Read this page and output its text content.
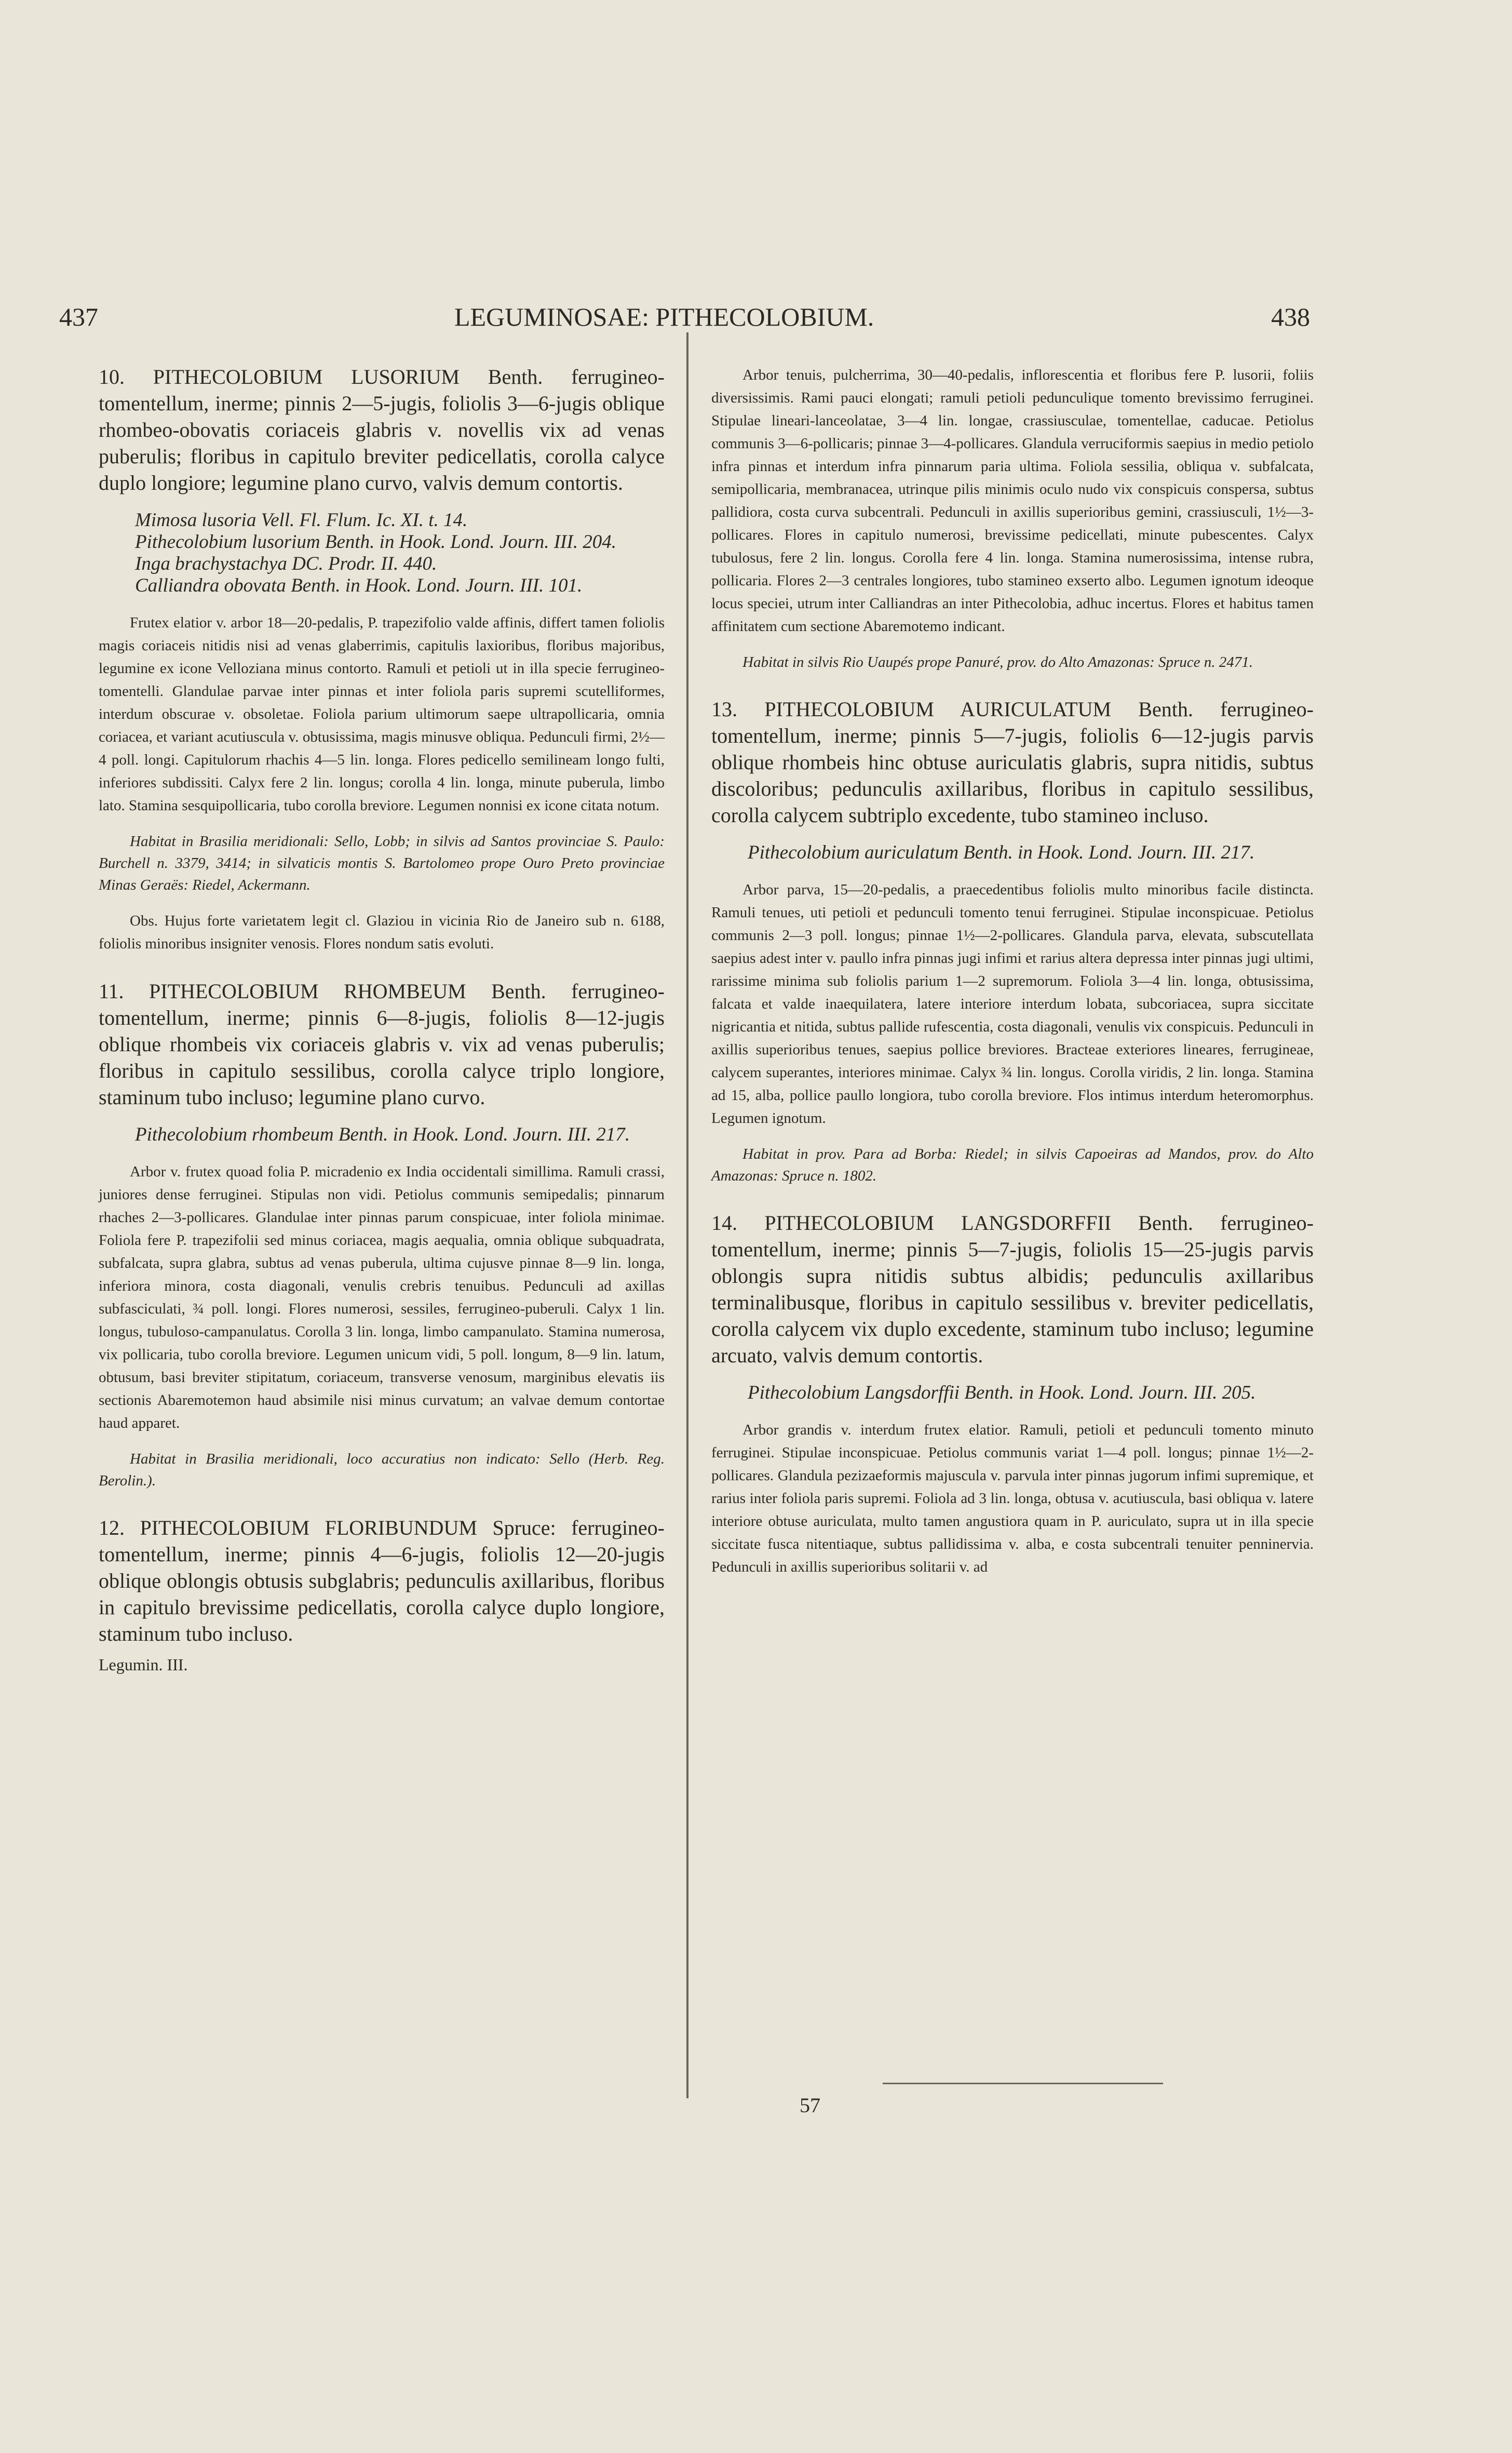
437	LEGUMINOSAE: PITHECOLOBIUM.	438

10. PITHECOLOBIUM LUSORIUM Benth. ferrugineo-tomentellum, inerme; pinnis 2—5-jugis, foliolis 3—6-jugis oblique rhombeo-obovatis coriaceis glabris v. novellis vix ad venas puberulis; floribus in capitulo breviter pedicellatis, corolla calyce duplo longiore; legumine plano curvo, valvis demum contortis.

Mimosa lusoria Vell. Fl. Flum. Ic. XI. t. 14.

Pithecolobium lusorium Benth. in Hook. Lond. Journ. III. 204.

Inga brachystachya DC. Prodr. II. 440.

Calliandra obovata Benth. in Hook. Lond. Journ. III. 101.

Frutex elatior v. arbor 18—20-pedalis, P. trapezifolio valde affinis, differt tamen foliolis magis coriaceis nitidis nisi ad venas glaberrimis, capitulis laxioribus, floribus majoribus, legumine ex icone Velloziana minus contorto. Ramuli et petioli ut in illa specie ferrugineo-tomentelli. Glandulae parvae inter pinnas et inter foliola paris supremi scutelliformes, interdum obscurae v. obsoletae. Foliola parium ultimorum saepe ultrapollicaria, omnia coriacea, et variant acutiuscula v. obtusissima, magis minusve obliqua. Pedunculi firmi, 2½—4 poll. longi. Capitulorum rhachis 4—5 lin. longa. Flores pedicello semilineam longo fulti, inferiores subdissiti. Calyx fere 2 lin. longus; corolla 4 lin. longa, minute puberula, limbo lato. Stamina sesquipollicaria, tubo corolla breviore. Legumen nonnisi ex icone citata notum.

Habitat in Brasilia meridionali: Sello, Lobb; in silvis ad Santos provinciae S. Paulo: Burchell n. 3379, 3414; in silvaticis montis S. Bartolomeo prope Ouro Preto provinciae Minas Geraës: Riedel, Ackermann.

Obs. Hujus forte varietatem legit cl. Glaziou in vicinia Rio de Janeiro sub n. 6188, foliolis minoribus insigniter venosis. Flores nondum satis evoluti.

11. PITHECOLOBIUM RHOMBEUM Benth. ferrugineo-tomentellum, inerme; pinnis 6—8-jugis, foliolis 8—12-jugis oblique rhombeis vix coriaceis glabris v. vix ad venas puberulis; floribus in capitulo sessilibus, corolla calyce triplo longiore, staminum tubo incluso; legumine plano curvo.

Pithecolobium rhombeum Benth. in Hook. Lond. Journ. III. 217.

Arbor v. frutex quoad folia P. micradenio ex India occidentali simillima. Ramuli crassi, juniores dense ferruginei. Stipulas non vidi. Petiolus communis semipedalis; pinnarum rhaches 2—3-pollicares. Glandulae inter pinnas parum conspicuae, inter foliola minimae. Foliola fere P. trapezifolii sed minus coriacea, magis aequalia, omnia oblique subquadrata, subfalcata, supra glabra, subtus ad venas puberula, ultima cujusve pinnae 8—9 lin. longa, inferiora minora, costa diagonali, venulis crebris tenuibus. Pedunculi ad axillas subfasciculati, ¾ poll. longi. Flores numerosi, sessiles, ferrugineo-puberuli. Calyx 1 lin. longus, tubuloso-campanulatus. Corolla 3 lin. longa, limbo campanulato. Stamina numerosa, vix pollicaria, tubo corolla breviore. Legumen unicum vidi, 5 poll. longum, 8—9 lin. latum, obtusum, basi breviter stipitatum, coriaceum, transverse venosum, marginibus elevatis iis sectionis Abaremotemon haud absimile nisi minus curvatum; an valvae demum contortae haud apparet.

Habitat in Brasilia meridionali, loco accuratius non indicato: Sello (Herb. Reg. Berolin.).

12. PITHECOLOBIUM FLORIBUNDUM Spruce: ferrugineo-tomentellum, inerme; pinnis 4—6-jugis, foliolis 12—20-jugis oblique oblongis obtusis subglabris; pedunculis axillaribus, floribus in capitulo brevissime pedicellatis, corolla calyce duplo longiore, staminum tubo incluso.

Legumin. III.

Arbor tenuis, pulcherrima, 30—40-pedalis, inflorescentia et floribus fere P. lusorii, foliis diversissimis. Rami pauci elongati; ramuli petioli pedunculique tomento brevissimo ferruginei. Stipulae lineari-lanceolatae, 3—4 lin. longae, crassiusculae, tomentellae, caducae. Petiolus communis 3—6-pollicaris; pinnae 3—4-pollicares. Glandula verruciformis saepius in medio petiolo infra pinnas et interdum infra pinnarum paria ultima. Foliola sessilia, obliqua v. subfalcata, semipollicaria, membranacea, utrinque pilis minimis oculo nudo vix conspicuis conspersa, subtus pallidiora, costa curva subcentrali. Pedunculi in axillis superioribus gemini, crassiusculi, 1½—3-pollicares. Flores in capitulo numerosi, brevissime pedicellati, minute pubescentes. Calyx tubulosus, fere 2 lin. longus. Corolla fere 4 lin. longa. Stamina numerosissima, intense rubra, pollicaria. Flores 2—3 centrales longiores, tubo stamineo exserto albo. Legumen ignotum ideoque locus speciei, utrum inter Calliandras an inter Pithecolobia, adhuc incertus. Flores et habitus tamen affinitatem cum sectione Abaremotemo indicant.

Habitat in silvis Rio Uaupés prope Panuré, prov. do Alto Amazonas: Spruce n. 2471.

13. PITHECOLOBIUM AURICULATUM Benth. ferrugineo-tomentellum, inerme; pinnis 5—7-jugis, foliolis 6—12-jugis parvis oblique rhombeis hinc obtuse auriculatis glabris, supra nitidis, subtus discoloribus; pedunculis axillaribus, floribus in capitulo sessilibus, corolla calycem subtriplo excedente, tubo stamineo incluso.

Pithecolobium auriculatum Benth. in Hook. Lond. Journ. III. 217.

Arbor parva, 15—20-pedalis, a praecedentibus foliolis multo minoribus facile distincta. Ramuli tenues, uti petioli et pedunculi tomento tenui ferruginei. Stipulae inconspicuae. Petiolus communis 2—3 poll. longus; pinnae 1½—2-pollicares. Glandula parva, elevata, subscutellata saepius adest inter v. paullo infra pinnas jugi infimi et rarius altera depressa inter pinnas jugi ultimi, rarissime minima sub foliolis parium 1—2 supremorum. Foliola 3—4 lin. longa, obtusissima, falcata et valde inaequilatera, latere interiore interdum lobata, subcoriacea, supra siccitate nigricantia et nitida, subtus pallide rufescentia, costa diagonali, venulis vix conspicuis. Pedunculi in axillis superioribus tenues, saepius pollice breviores. Bracteae exteriores lineares, ferrugineae, calycem superantes, interiores minimae. Calyx ¾ lin. longus. Corolla viridis, 2 lin. longa. Stamina ad 15, alba, pollice paullo longiora, tubo corolla breviore. Flos intimus interdum heteromorphus. Legumen ignotum.

Habitat in prov. Para ad Borba: Riedel; in silvis Capoeiras ad Mandos, prov. do Alto Amazonas: Spruce n. 1802.

14. PITHECOLOBIUM LANGSDORFFII Benth. ferrugineo-tomentellum, inerme; pinnis 5—7-jugis, foliolis 15—25-jugis parvis oblongis supra nitidis subtus albidis; pedunculis axillaribus terminalibusque, floribus in capitulo sessilibus v. breviter pedicellatis, corolla calycem vix duplo excedente, staminum tubo incluso; legumine arcuato, valvis demum contortis.

Pithecolobium Langsdorffii Benth. in Hook. Lond. Journ. III. 205.

Arbor grandis v. interdum frutex elatior. Ramuli, petioli et pedunculi tomento minuto ferruginei. Stipulae inconspicuae. Petiolus communis variat 1—4 poll. longus; pinnae 1½—2-pollicares. Glandula pezizaeformis majuscula v. parvula inter pinnas jugorum infimi supremique, et rarius inter foliola paris supremi. Foliola ad 3 lin. longa, obtusa v. acutiuscula, basi obliqua v. latere interiore obtuse auriculata, multo tamen angustiora quam in P. auriculato, supra ut in illa specie siccitate fusca nitentiaque, subtus pallidissima v. alba, e costa subcentrali tenuiter penninervia. Pedunculi in axillis superioribus solitarii v. ad

57
